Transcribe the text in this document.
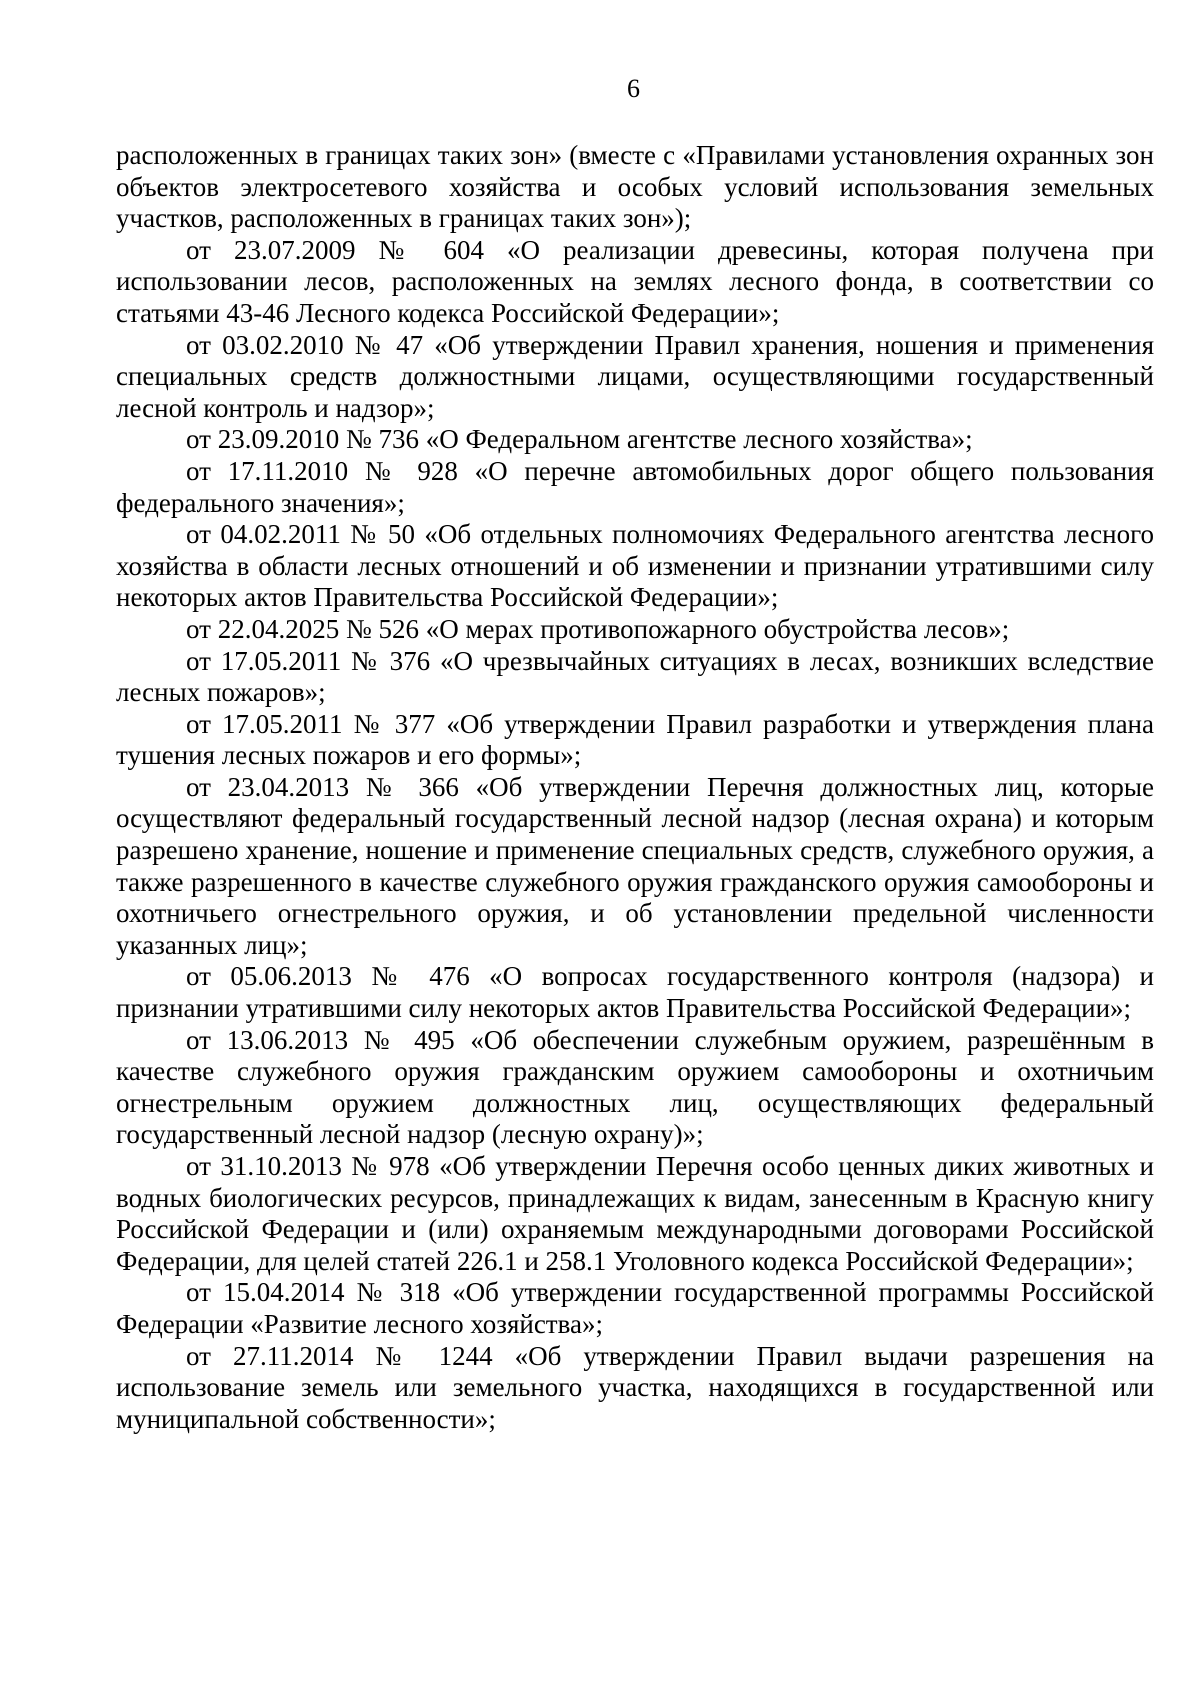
6

расположенных в границах таких зон» (вместе с «Правилами установления охранных зон объектов электросетевого хозяйства и особых условий использования земельных участков, расположенных в границах таких зон»);

от 23.07.2009 № 604 «О реализации древесины, которая получена при использовании лесов, расположенных на землях лесного фонда, в соответствии со статьями 43-46 Лесного кодекса Российской Федерации»;

от 03.02.2010 № 47 «Об утверждении Правил хранения, ношения и применения специальных средств должностными лицами, осуществляющими государственный лесной контроль и надзор»;

от 23.09.2010 № 736 «О Федеральном агентстве лесного хозяйства»;

от 17.11.2010 № 928 «О перечне автомобильных дорог общего пользования федерального значения»;

от 04.02.2011 № 50 «Об отдельных полномочиях Федерального агентства лесного хозяйства в области лесных отношений и об изменении и признании утратившими силу некоторых актов Правительства Российской Федерации»;

от 22.04.2025 № 526 «О мерах противопожарного обустройства лесов»;

от 17.05.2011 № 376 «О чрезвычайных ситуациях в лесах, возникших вследствие лесных пожаров»;

от 17.05.2011 № 377 «Об утверждении Правил разработки и утверждения плана тушения лесных пожаров и его формы»;

от 23.04.2013 № 366 «Об утверждении Перечня должностных лиц, которые осуществляют федеральный государственный лесной надзор (лесная охрана) и которым разрешено хранение, ношение и применение специальных средств, служебного оружия, а также разрешенного в качестве служебного оружия гражданского оружия самообороны и охотничьего огнестрельного оружия, и об установлении предельной численности указанных лиц»;

от 05.06.2013 № 476 «О вопросах государственного контроля (надзора) и признании утратившими силу некоторых актов Правительства Российской Федерации»;

от 13.06.2013 № 495 «Об обеспечении служебным оружием, разрешённым в качестве служебного оружия гражданским оружием самообороны и охотничьим огнестрельным оружием должностных лиц, осуществляющих федеральный государственный лесной надзор (лесную охрану)»;

от 31.10.2013 № 978 «Об утверждении Перечня особо ценных диких животных и водных биологических ресурсов, принадлежащих к видам, занесенным в Красную книгу Российской Федерации и (или) охраняемым международными договорами Российской Федерации, для целей статей 226.1 и 258.1 Уголовного кодекса Российской Федерации»;

от 15.04.2014 № 318 «Об утверждении государственной программы Российской Федерации «Развитие лесного хозяйства»;

от 27.11.2014 № 1244 «Об утверждении Правил выдачи разрешения на использование земель или земельного участка, находящихся в государственной или муниципальной собственности»;
